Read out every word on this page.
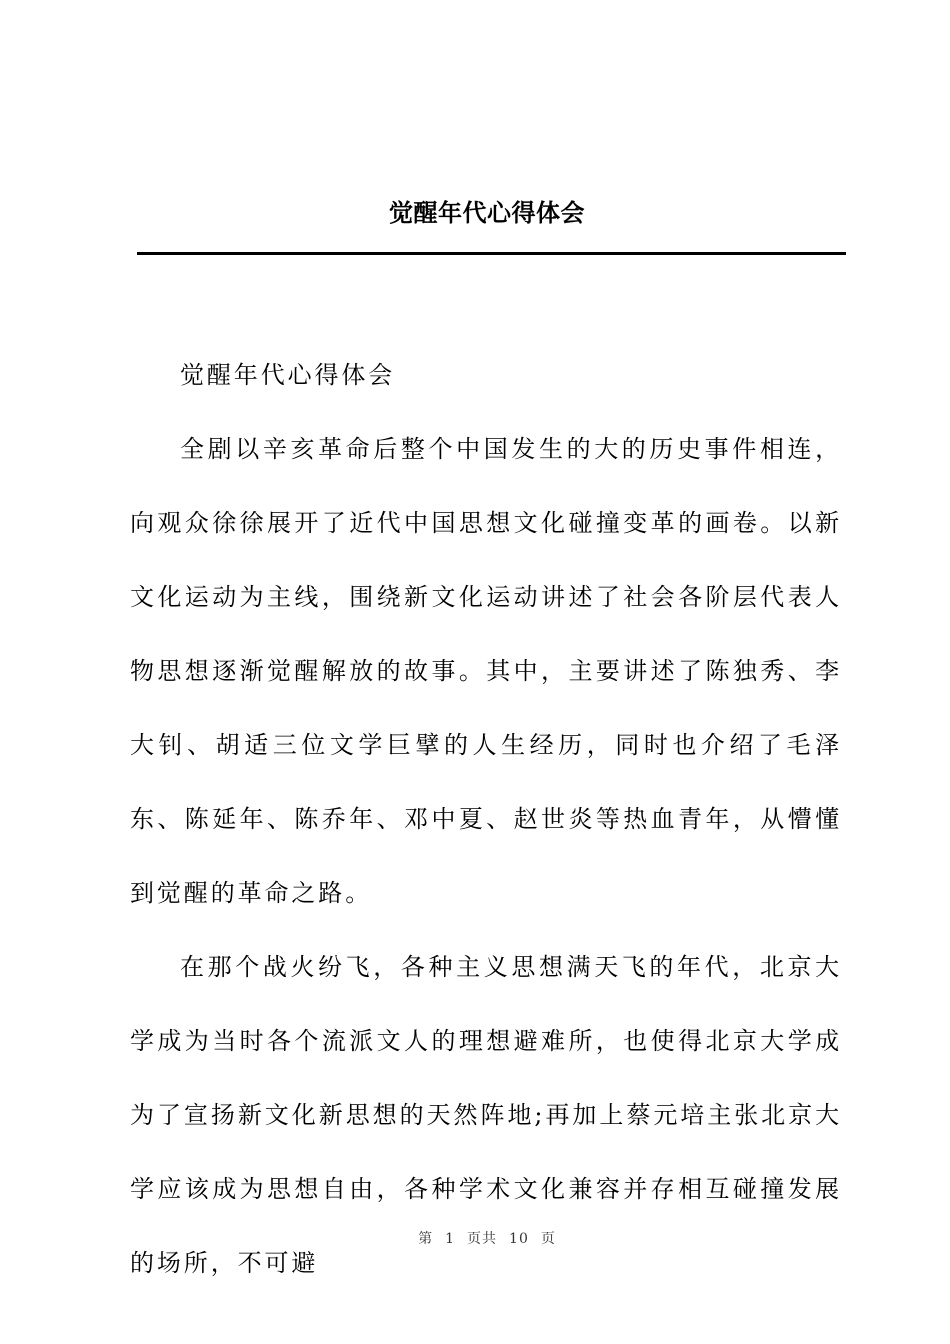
觉醒年代心得体会

觉醒年代心得体会

全剧以辛亥革命后整个中国发生的大的历史事件相连，向观众徐徐展开了近代中国思想文化碰撞变革的画卷。以新文化运动为主线，围绕新文化运动讲述了社会各阶层代表人物思想逐渐觉醒解放的故事。其中，主要讲述了陈独秀、李大钊、胡适三位文学巨擘的人生经历，同时也介绍了毛泽东、陈延年、陈乔年、邓中夏、赵世炎等热血青年，从懵懂到觉醒的革命之路。

在那个战火纷飞，各种主义思想满天飞的年代，北京大学成为当时各个流派文人的理想避难所，也使得北京大学成为了宣扬新文化新思想的天然阵地;再加上蔡元培主张北京大学应该成为思想自由，各种学术文化兼容并存相互碰撞发展的场所，不可避

第 1 页共 10 页
